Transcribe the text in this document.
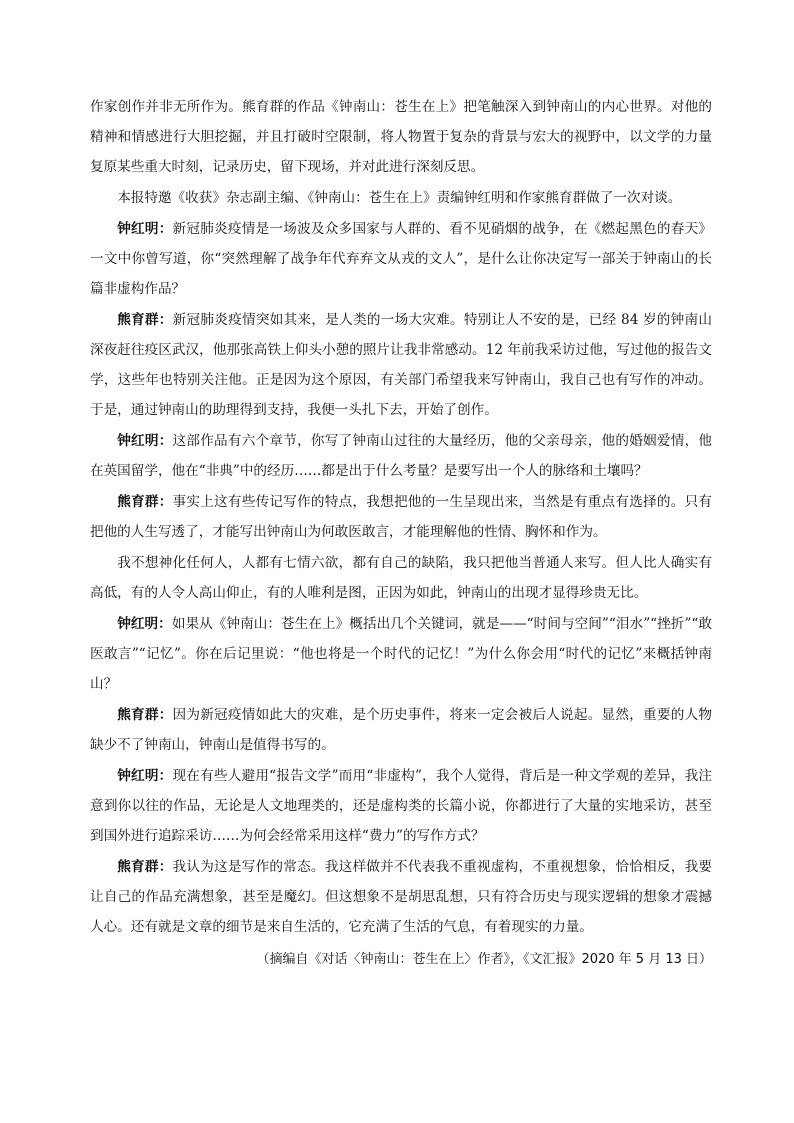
作家创作并非无所作为。熊育群的作品《钟南山：苍生在上》把笔触深入到钟南山的内心世界。对他的精神和情感进行大胆挖掘，并且打破时空限制，将人物置于复杂的背景与宏大的视野中，以文学的力量复原某些重大时刻，记录历史，留下现场，并对此进行深刻反思。

本报特邀《收获》杂志副主编、《钟南山：苍生在上》责编钟红明和作家熊育群做了一次对谈。

钟红明：新冠肺炎疫情是一场波及众多国家与人群的、看不见硝烟的战争，在《燃起黑色的春天》一文中你曾写道，你“突然理解了战争年代弃弃文从戎的文人”，是什么让你决定写一部关于钟南山的长篇非虚构作品？

熊育群：新冠肺炎疫情突如其来，是人类的一场大灾难。特别让人不安的是，已经 84 岁的钟南山深夜赶往疫区武汉，他那张高铁上仰头小憩的照片让我非常感动。12 年前我采访过他，写过他的报告文学，这些年也特别关注他。正是因为这个原因，有关部门希望我来写钟南山，我自己也有写作的冲动。于是，通过钟南山的助理得到支持，我便一头扎下去，开始了创作。

钟红明：这部作品有六个章节，你写了钟南山过往的大量经历，他的父亲母亲，他的婚姻爱情，他在英国留学，他在“非典”中的经历……都是出于什么考量？是要写出一个人的脉络和土壤吗？

熊育群：事实上这有些传记写作的特点，我想把他的一生呈现出来，当然是有重点有选择的。只有把他的人生写透了，才能写出钟南山为何敢医敢言，才能理解他的性情、胸怀和作为。

我不想神化任何人，人都有七情六欲，都有自己的缺陷，我只把他当普通人来写。但人比人确实有高低，有的人令人高山仰止，有的人唯利是图，正因为如此，钟南山的出现才显得珍贵无比。

钟红明：如果从《钟南山：苍生在上》概括出几个关键词，就是——“时间与空间”“泪水”“挫折”“敢医敢言”“记忆”。你在后记里说：“他也将是一个时代的记忆！”为什么你会用“时代的记忆”来概括钟南山？

熊育群：因为新冠疫情如此大的灾难，是个历史事件，将来一定会被后人说起。显然，重要的人物缺少不了钟南山，钟南山是值得书写的。

钟红明：现在有些人避用“报告文学”而用“非虚构”，我个人觉得，背后是一种文学观的差异，我注意到你以往的作品，无论是人文地理类的，还是虚构类的长篇小说，你都进行了大量的实地采访，甚至到国外进行追踪采访……为何会经常采用这样“费力”的写作方式？

熊育群：我认为这是写作的常态。我这样做并不代表我不重视虚构，不重视想象，恰恰相反，我要让自己的作品充满想象，甚至是魔幻。但这想象不是胡思乱想，只有符合历史与现实逻辑的想象才震撼人心。还有就是文章的细节是来自生活的，它充满了生活的气息，有着现实的力量。

（摘编自《对话〈钟南山：苍生在上〉作者》，《文汇报》2020 年 5 月 13 日）
